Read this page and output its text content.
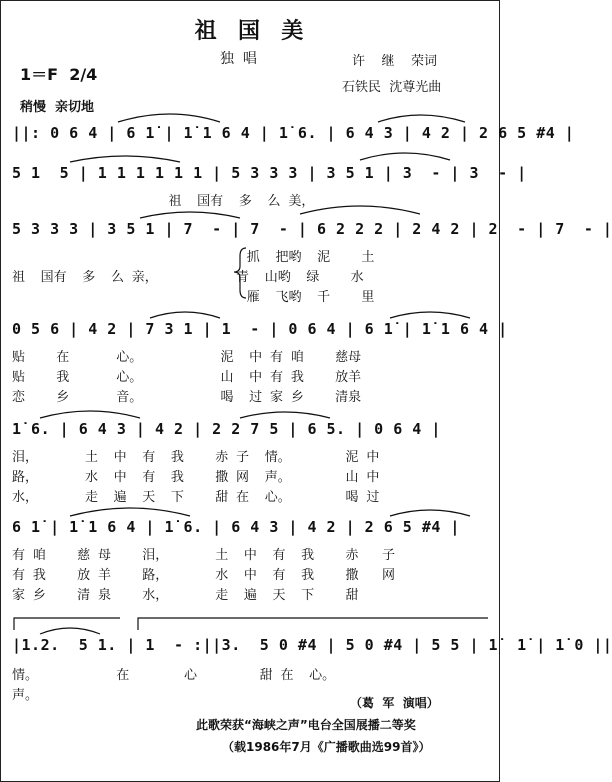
祖  国  美
独  唱	许    继    荣词
石铁民  沈尊光曲
1＝F  2/4
稍慢  亲切地
||: 0 6 4 | 6 1̇ | 1̇ 1 6 4 | 1̇ 6. | 6 4 3 | 4 2 | 2 6 5 #4 |
5 1  5 | 1 1 1 1 1 1 | 5 3 3 3 | 3 5 1 | 3  - | 3  - |
祖  国有  多  么 美，
5 3 3 3 | 3 5 1 | 7  - | 7  - | 6 2 2 2 | 2 4 2 | 2  - | 7  - |
抓  把哟  泥    土
祖  国有  多  么 亲，          青  山哟  绿    水
雁  飞哟  千    里
0 5 6 | 4 2 | 7 3 1 | 1  - | 0 6 4 | 6 1̇ | 1̇ 1 6 4 |
贴    在      心。          泥  中 有 咱    慈母
贴    我      心。          山  中 有 我    放羊
恋    乡      音。          喝  过 家 乡    清泉
1̇ 6. | 6 4 3 | 4 2 | 2 2 7 5 | 6 5. | 0 6 4 |
泪，      土  中  有  我    赤 子  情。       泥 中
路，      水  中  有  我    撒 网  声。       山 中
水，      走  遍  天  下    甜 在  心。       喝 过
6 1̇ | 1̇ 1 6 4 | 1̇ 6. | 6 4 3 | 4 2 | 2 6 5 #4 |
有 咱    慈 母    泪，      土  中  有  我    赤   子
有 我    放 羊    路，      水  中  有  我    撒   网
家 乡    清 泉    水，      走  遍  天  下    甜
|1.2.  5 1. | 1  - :||3.  5 0 #4 | 5 0 #4 | 5 5 | 1̇  1̇ | 1̇ 0 ||
情。          在       心        甜 在  心。
声。	（葛  军  演唱）
此歌荣获“海峡之声”电台全国展播二等奖
（载1986年7月《广播歌曲选99首》）
